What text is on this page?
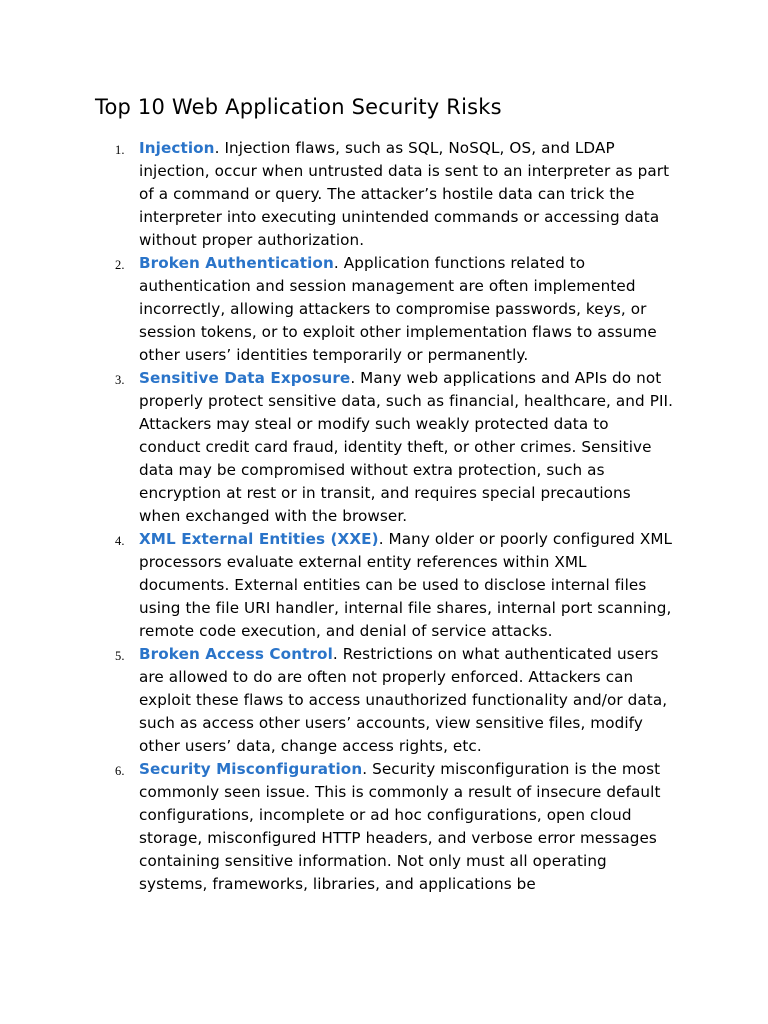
Top 10 Web Application Security Risks
1. Injection. Injection flaws, such as SQL, NoSQL, OS, and LDAP injection, occur when untrusted data is sent to an interpreter as part of a command or query. The attacker’s hostile data can trick the interpreter into executing unintended commands or accessing data without proper authorization.
2. Broken Authentication. Application functions related to authentication and session management are often implemented incorrectly, allowing attackers to compromise passwords, keys, or session tokens, or to exploit other implementation flaws to assume other users’ identities temporarily or permanently.
3. Sensitive Data Exposure. Many web applications and APIs do not properly protect sensitive data, such as financial, healthcare, and PII. Attackers may steal or modify such weakly protected data to conduct credit card fraud, identity theft, or other crimes. Sensitive data may be compromised without extra protection, such as encryption at rest or in transit, and requires special precautions when exchanged with the browser.
4. XML External Entities (XXE). Many older or poorly configured XML processors evaluate external entity references within XML documents. External entities can be used to disclose internal files using the file URI handler, internal file shares, internal port scanning, remote code execution, and denial of service attacks.
5. Broken Access Control. Restrictions on what authenticated users are allowed to do are often not properly enforced. Attackers can exploit these flaws to access unauthorized functionality and/or data, such as access other users’ accounts, view sensitive files, modify other users’ data, change access rights, etc.
6. Security Misconfiguration. Security misconfiguration is the most commonly seen issue. This is commonly a result of insecure default configurations, incomplete or ad hoc configurations, open cloud storage, misconfigured HTTP headers, and verbose error messages containing sensitive information. Not only must all operating systems, frameworks, libraries, and applications be
